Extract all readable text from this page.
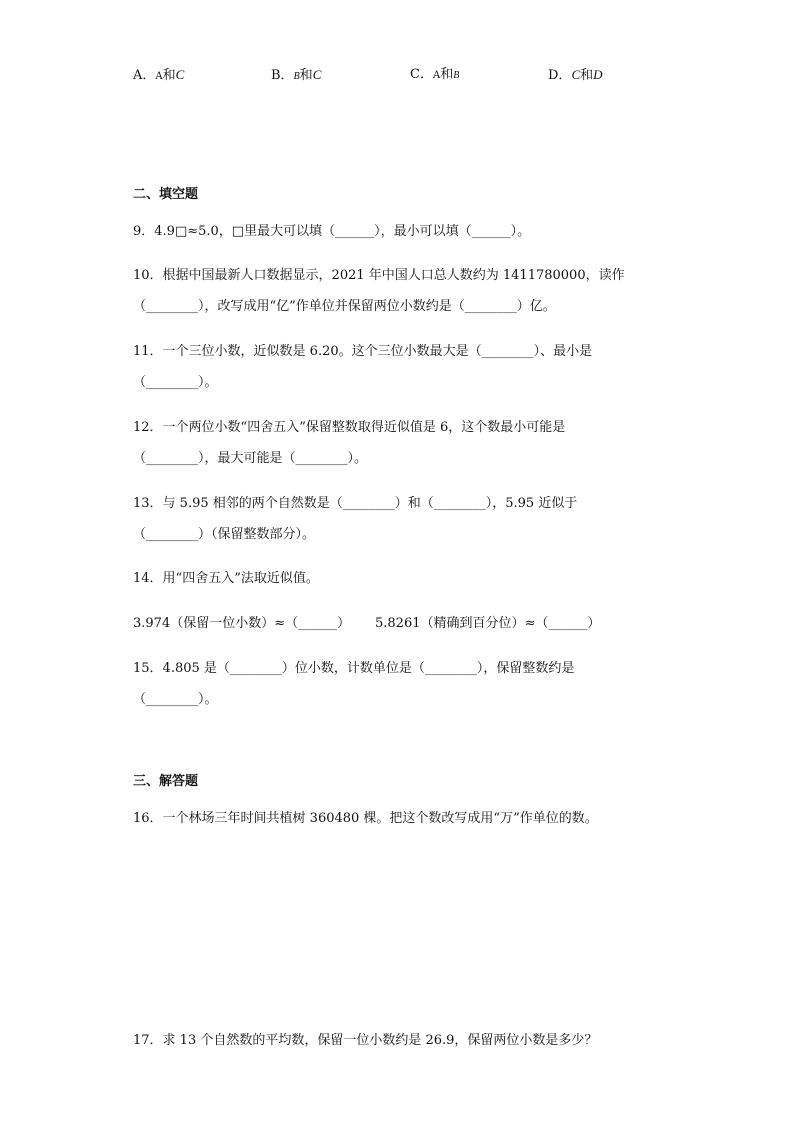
A．A和C	B．B和C	C．A和B	D．C和D
二、填空题
9．4.9□≈5.0，□里最大可以填（______），最小可以填（______）。
10．根据中国最新人口数据显示，2021 年中国人口总人数约为 1411780000，读作
（________），改写成用“亿”作单位并保留两位小数约是（________）亿。
11．一个三位小数，近似数是 6.20。这个三位小数最大是（________）、最小是
（________）。
12．一个两位小数“四舍五入”保留整数取得近似值是 6，这个数最小可能是
（________），最大可能是（________）。
13．与 5.95 相邻的两个自然数是（________）和（________），5.95 近似于
（________）（保留整数部分）。
14．用“四舍五入”法取近似值。
3.974（保留一位小数）≈（______） 5.8261（精确到百分位）≈（______）
15．4.805 是（________）位小数，计数单位是（________），保留整数约是
（________）。
三、解答题
16．一个林场三年时间共植树 360480 棵。把这个数改写成用“万”作单位的数。
17．求 13 个自然数的平均数，保留一位小数约是 26.9，保留两位小数是多少？
